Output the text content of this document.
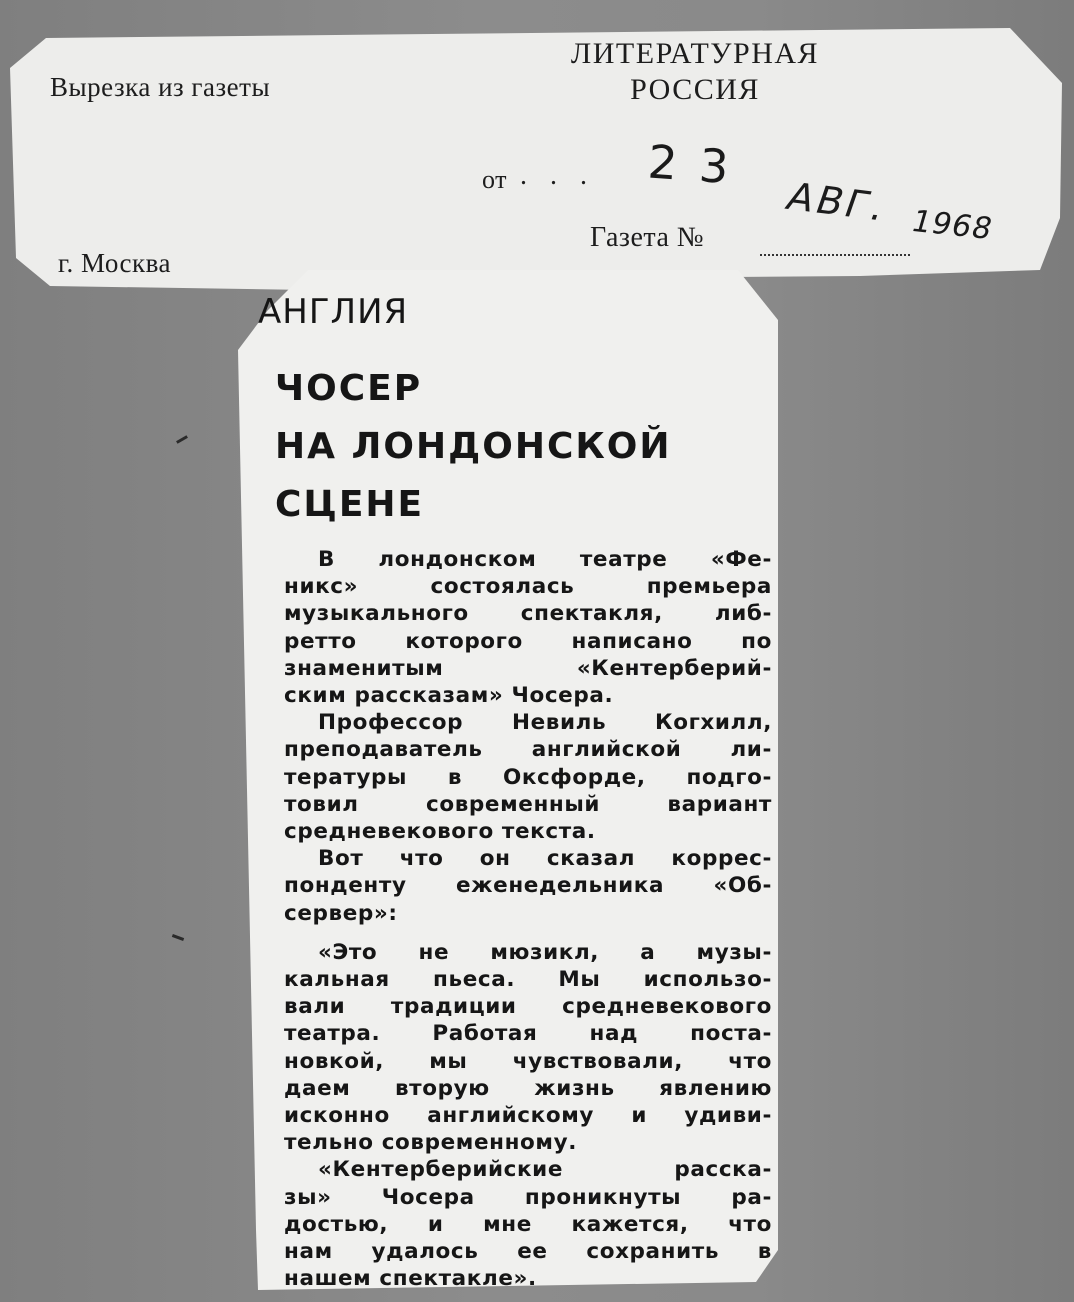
Вырезка из газеты
ЛИТЕРАТУРНАЯ
РОССИЯ
от . . . 23
АВГ. 1968
г. Москва
Газета №
АНГЛИЯ
ЧОСЕР
НА ЛОНДОНСКОЙ
СЦЕНЕ
В лондонском театре «Фе-
никс» состоялась премьера
музыкального спектакля, либ-
ретто которого написано по
знаменитым «Кентерберий-
ским рассказам» Чосера.
Профессор Невиль Когхилл,
преподаватель английской ли-
тературы в Оксфорде, подго-
товил современный вариант
средневекового текста.
Вот что он сказал коррес-
понденту еженедельника «Об-
сервер»:
«Это не мюзикл, а музы-
кальная пьеса. Мы использо-
вали традиции средневекового
театра. Работая над поста-
новкой, мы чувствовали, что
даем вторую жизнь явлению
исконно английскому и удиви-
тельно современному.
«Кентерберийские расска-
зы» Чосера проникнуты ра-
достью, и мне кажется, что
нам удалось ее сохранить в
нашем спектакле».
